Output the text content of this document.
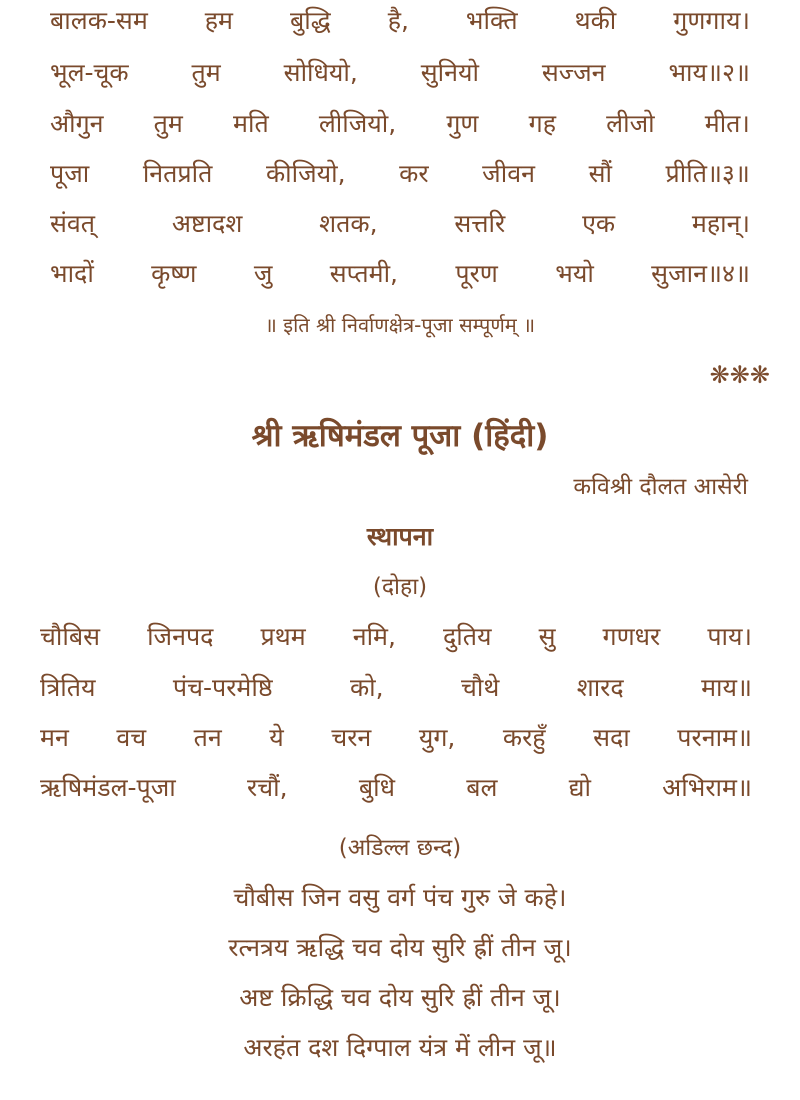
बालक-सम हम बुद्धि है, भक्ति थकी गुणगाय।
भूल-चूक	तुम	सोधियो,	सुनियो	सज्जन	भाय॥२॥
औगुन तुम मति लीजियो, गुण गह लीजो मीत।
पूजा नितप्रति कीजियो, कर जीवन सौं प्रीति॥३॥
संवत्	अष्टादश	शतक,	सत्तरि	एक	महान्।
भादों कृष्ण जु सप्तमी, पूरण भयो सुजान॥४॥
॥ इति श्री निर्वाणक्षेत्र-पूजा सम्पूर्णम् ॥
❋❋❋
श्री ऋषिमंडल पूजा (हिंदी)
कविश्री दौलत आसेरी
स्थापना
(दोहा)
चौबिस जिनपद प्रथम नमि, दुतिय सु गणधर पाय।
त्रितिय	पंच-परमेष्ठि	को,	चौथे	शारद	माय॥
मन वच तन ये चरन युग, करहुँ सदा परनाम॥
ऋषिमंडल-पूजा	रचौं,	बुधि	बल	द्यो	अभिराम॥
(अडिल्ल छन्द)
चौबीस जिन वसु वर्ग पंच गुरु जे कहे।
रत्नत्रय ऋद्धि चव दोय सुरि ह्रीं तीन जू।
अष्ट क्रिद्धि चव दोय सुरि ह्रीं तीन जू।
अरहंत दश दिग्पाल यंत्र में लीन जू॥
